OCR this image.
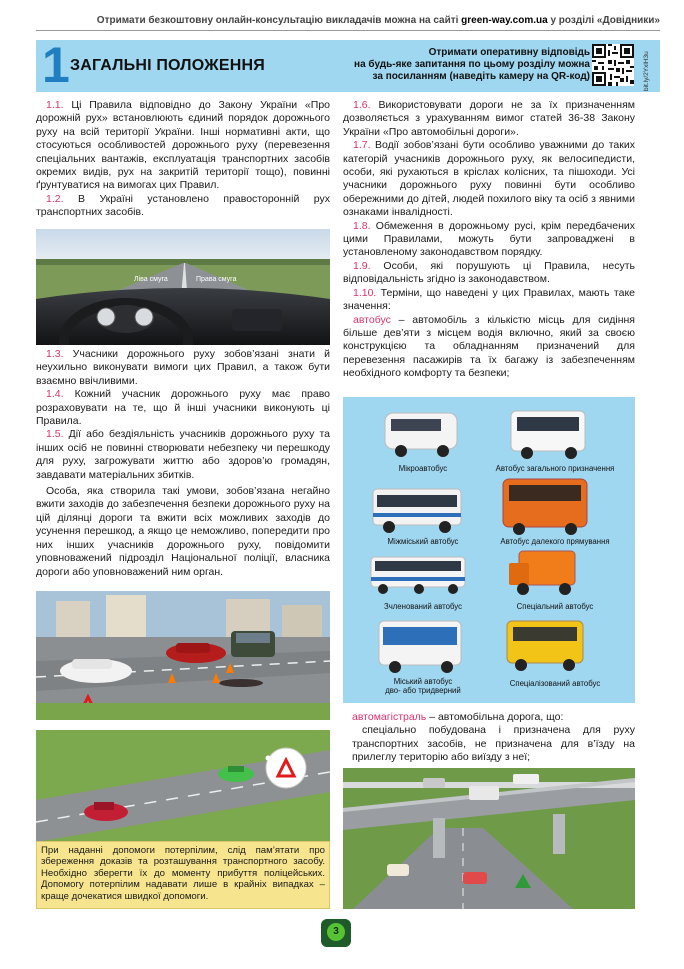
Отримати безкоштовну онлайн-консультацію викладачів можна на сайті green-way.com.ua у розділі «Довідники»
1 ЗАГАЛЬНІ ПОЛОЖЕННЯ
Отримати оперативну відповідь
на будь-яке запитання по цьому розділу можна
за посиланням (наведіть камеру на QR-код)	bit.ly/2YxlH3u

1.1. Ці Правила відповідно до Закону України «Про дорожній рух» встановлюють єдиний порядок дорожнього руху на всій території України. Інші нормативні акти, що стосуються особливостей дорожнього руху (перевезення спеціальних вантажів, експлуатація транспортних засобів окремих видів, рух на закритій території тощо), повинні ґрунтуватися на вимогах цих Правил.

1.2. В Україні установлено правосторонній рух транспортних засобів.

Ліва смуга	Права смуга

1.3. Учасники дорожнього руху зобов’язані знати й неухильно виконувати вимоги цих Правил, а також бути взаємно ввічливими.

1.4. Кожний учасник дорожнього руху має право розраховувати на те, що й інші учасники виконують ці Правила.

1.5. Дії або бездіяльність учасників дорожнього руху та інших осіб не повинні створювати небезпеку чи перешкоду для руху, загрожувати життю або здоров’ю громадян, завдавати матеріальних збитків.

Особа, яка створила такі умови, зобов’язана негайно вжити заходів до забезпечення безпеки дорожнього руху на цій ділянці дороги та вжити всіх можливих заходів до усунення перешкод, а якщо це неможливо, попередити про них інших учасників дорожнього руху, повідомити уповноважений підрозділ Національної поліції, власника дороги або уповноважений ним орган.

При наданні допомоги потерпілим, слід пам’ятати про збереження доказів та розташування транспортного засобу. Необхідно зберегти їх до моменту прибуття поліцейських. Допомогу потерпілим надавати лише в крайніх випадках – краще дочекатися швидкої допомоги.

1.6. Використовувати дороги не за їх призначенням дозволяється з урахуванням вимог статей 36-38 Закону України «Про автомобільні дороги».

1.7. Водії зобов’язані бути особливо уважними до таких категорій учасників дорожнього руху, як велосипедисти, особи, які рухаються в кріслах колісних, та пішоходи. Усі учасники дорожнього руху повинні бути особливо обережними до дітей, людей похилого віку та осіб з явними ознаками інвалідності.

1.8. Обмеження в дорожньому русі, крім передбачених цими Правилами, можуть бути запроваджені в установленому законодавством порядку.

1.9. Особи, які порушують ці Правила, несуть відповідальність згідно із законодавством.

1.10. Терміни, що наведені у цих Правилах, мають таке значення:

автобус – автомобіль з кількістю місць для сидіння більше дев’яти з місцем водія включно, який за своєю конструкцією та обладнанням призначений для перевезення пасажирів та їх багажу із забезпеченням необхідного комфорту та безпеки;

Мікроавтобус	Автобус загального призначення
Міжміський автобус	Автобус далекого прямування
Зчленований автобус	Спеціальний автобус
Міський автобус
дво- або тридверний
Спеціалізований автобус

автомагістраль – автомобільна дорога, що:

спеціально побудована і призначена для руху транспортних засобів, не призначена для в’їзду на прилеглу територію або виїзду з неї;

3
